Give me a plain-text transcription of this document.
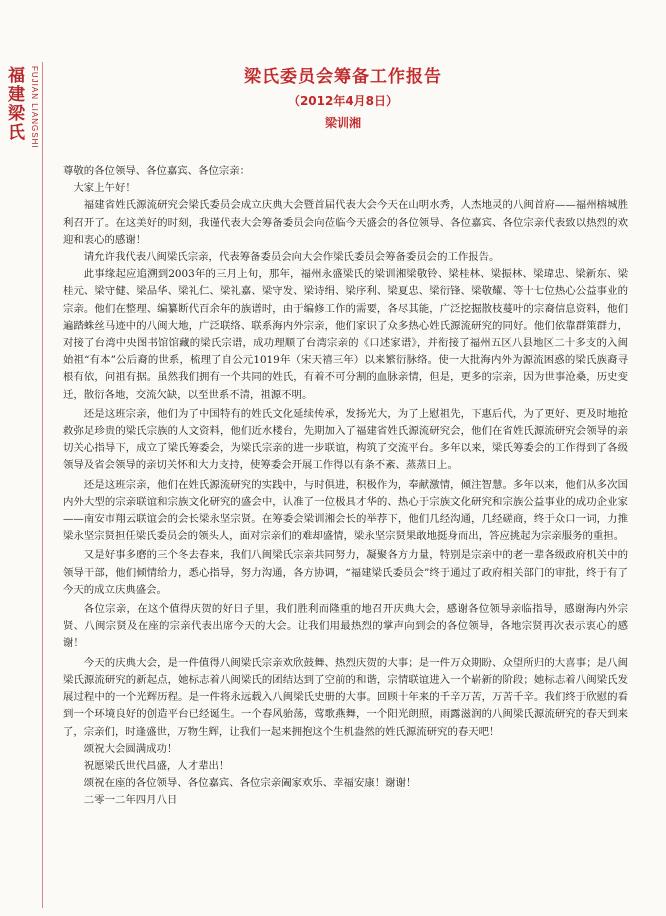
福建梁氏 FUJIAN LIANGSHI	梁氏委员会筹备工作报告
（2012年4月8日）
梁训湘

尊敬的各位领导、各位嘉宾、各位宗亲：

大家上午好！

福建省姓氏源流研究会梁氏委员会成立庆典大会暨首届代表大会今天在山明水秀，人杰地灵的八闽首府——福州榕城胜利召开了。在这美好的时刻，我谨代表大会筹备委员会向莅临今天盛会的各位领导、各位嘉宾、各位宗亲代表致以热烈的欢迎和衷心的感谢！

请允许我代表八闽梁氏宗亲，代表筹备委员会向大会作梁氏委员会筹备委员会的工作报告。

此事缘起应追溯到2003年的三月上旬，那年，福州永盛梁氏的梁训湘梁敬铃、梁桂林、梁振林、梁瑋忠、梁新东、梁桂元、梁守健、梁品华、梁礼仁、梁礼嘉、梁守发、梁诗绢、梁序利、梁夏忠、梁衍锋、梁敬耀、等十七位热心公益事业的宗亲。他们在整理、编纂断代百余年的族谱时，由于编修工作的需要，各尽其能，广泛挖掘散枝蔓叶的宗裔信息资料，他们遍踏蛛丝马迹中的八闽大地，广泛联络、联系海内外宗亲，他们家识了众多热心姓氏源流研究的同好。他们依靠群策群力，对接了台湾中央图书馆馆藏的梁氏宗谱，成功理顺了台湾宗亲的《口述家谱》，并衔接了福州五区八县地区二十多支的入闽始祖“有本”公后裔的世系，梳理了自公元1019年（宋天禧三年）以来繁衍脉络。使一大批海内外为源流困惑的梁氏族裔寻根有依，问祖有据。虽然我们拥有一个共同的姓氏，有着不可分割的血脉亲情，但是，更多的宗亲，因为世事沧桑，历史变迁，散衍各地，交流欠缺，以至世系不清，祖源不明。

还是这班宗亲，他们为了中国特有的姓氏文化延续传承，发扬光大，为了上慰祖先，下惠后代，为了更好、更及时地抢救弥足珍贵的梁氏宗族的人文资料，他们近水楼台，先期加入了福建省姓氏源流研究会，他们在省姓氏源流研究会领导的亲切关心指导下，成立了梁氏筹委会，为梁氏宗亲的进一步联谊，构筑了交流平台。多年以来，梁氏筹委会的工作得到了各级领导及省会领导的亲切关怀和大力支持，使筹委会开展工作得以有条不紊、蒸蒸日上。

还是这班宗亲，他们在姓氏源流研究的实践中，与时俱进，积极作为，奉献激情，倾注智慧。多年以来，他们从多次国内外大型的宗亲联谊和宗族文化研究的盛会中，认准了一位极具才华的、热心于宗族文化研究和宗族公益事业的成功企业家——南安市翔云联谊会的会长梁永坚宗贤。在筹委会梁训湘会长的举荐下，他们几经沟通，几经磋商，终于众口一词，力推梁永坚宗贤担任梁氏委员会的领头人，面对宗亲们的难却盛情，梁永坚宗贤果敢地挺身而出，答应挑起为宗亲服务的重担。

又是好事多磨的三个冬去春来，我们八闽梁氏宗亲共同努力，凝聚各方力量，特别是宗亲中的老一辈各级政府机关中的领导干部，他们倾情给力，悉心指导，努力沟通，各方协调，“福建梁氏委员会”终于通过了政府相关部门的审批，终于有了今天的成立庆典盛会。

各位宗亲，在这个值得庆贺的好日子里，我们胜利而隆重的地召开庆典大会，感谢各位领导亲临指导，感谢海内外宗贤、八闽宗贤及在座的宗亲代表出席今天的大会。让我们用最热烈的掌声向到会的各位领导，各地宗贤再次表示衷心的感谢！

今天的庆典大会，是一件值得八闽梁氏宗亲欢欣鼓舞、热烈庆贺的大事；是一件万众期盼、众望所归的大喜事；是八闽梁氏源流研究的新起点，她标志着八闽梁氏的团结达到了空前的和谐，宗情联谊进入一个崭新的阶段；她标志着八闽梁氏发展过程中的一个光辉历程。是一件将永远载入八闽梁氏史册的大事。回顾十年来的千辛万苦，万苦千辛。我们终于欣慰的看到一个环境良好的创造平台已经诞生。一个春风骀荡，莺歌燕舞，一个阳光朗照，雨露滋润的八闽梁氏源流研究的春天到来了，宗亲们，时逢盛世，万物生辉，让我们一起来拥抱这个生机盎然的姓氏源流研究的春天吧！

颂祝大会圆满成功！

祝愿梁氏世代昌盛，人才辈出！

颂祝在座的各位领导、各位嘉宾、各位宗亲阖家欢乐、幸福安康！谢谢！

二零一二年四月八日
